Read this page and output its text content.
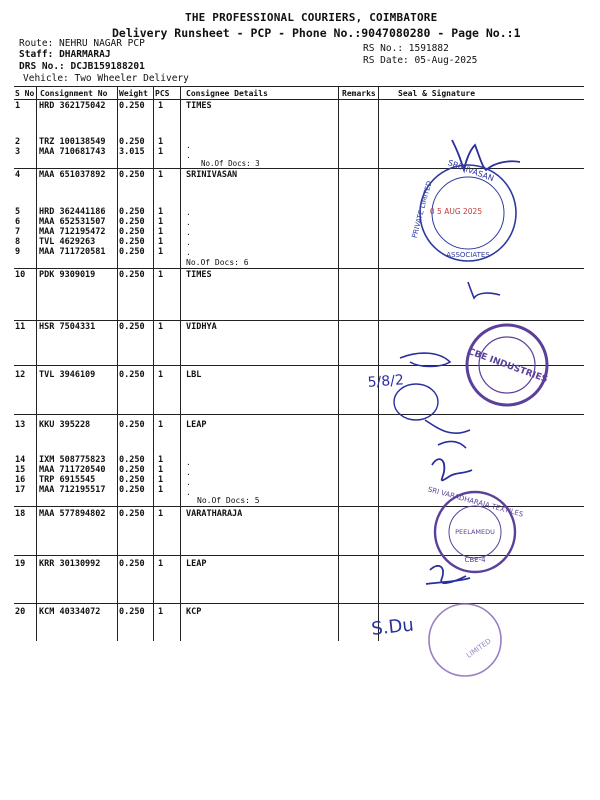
THE PROFESSIONAL COURIERS, COIMBATORE
Delivery Runsheet - PCP - Phone No.:9047080280 - Page No.:1
Route: NEHRU NAGAR PCP
Staff: DHARMARAJ
DRS No.: DCJB159188201
Vehicle: Two Wheeler Delivery
RS No.: 1591882
RS Date: 05-Aug-2025
S No Consignment No Weight PCS Consignee Details	Remarks	Seal & Signature
1 HRD 362175042 0.250 1	TIMES
2 TRZ 100138549 0.250 1
3 MAA 710681743 3.015 1
4 MAA 651037892 0.250 1	SRINIVASAN
5 HRD 362441186 0.250 1
6 MAA 652531507 0.250 1
7 MAA 712195472 0.250 1
8 TVL 4629263	0.250 1
9 MAA 711720581 0.250 1
10 PDK 9309019	0.250 1	TIMES
11 HSR 7504331	0.250 1	VIDHYA
12 TVL 3946109	0.250 1	LBL
13 KKU 395228	0.250 1	LEAP
14 IXM 508775823 0.250 1
15 MAA 711720540 0.250 1
16 TRP 6915545	0.250 1
17 MAA 712195517 0.250 1
18 MAA 577894802 0.250 1	VARATHARAJA
19 KRR 30130992 0.250 1	LEAP
20 KCM 40334072 0.250 1	KCP
No.Of Docs: 3
No.Of Docs: 6
No.Of Docs: 5
.
.
.
.
.
.
.
.
.
.
.
SRINIVASAN
PRIVATE LIMITED
ASSOCIATES
0 5 AUG 2025
5/8/2	CBE INDUSTRIES
SRI VARADHARAJA TEXTILES
PEELAMEDU
CBE-4
S.Du
LIMITED
